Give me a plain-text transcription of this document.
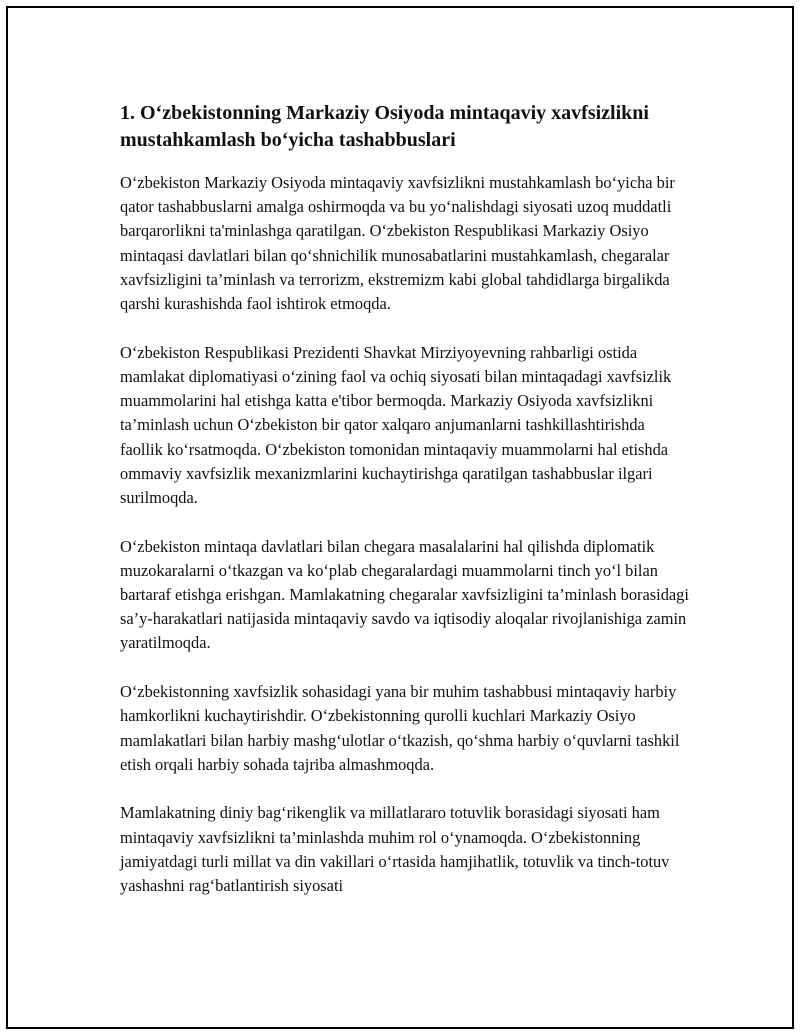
1. O‘zbekistonning Markaziy Osiyoda mintaqaviy xavfsizlikni mustahkamlash bo‘yicha tashabbuslari

O‘zbekiston Markaziy Osiyoda mintaqaviy xavfsizlikni mustahkamlash bo‘yicha bir qator tashabbuslarni amalga oshirmoqda va bu yo‘nalishdagi siyosati uzoq muddatli barqarorlikni ta'minlashga qaratilgan. O‘zbekiston Respublikasi Markaziy Osiyo mintaqasi davlatlari bilan qo‘shnichilik munosabatlarini mustahkamlash, chegaralar xavfsizligini ta’minlash va terrorizm, ekstremizm kabi global tahdidlarga birgalikda qarshi kurashishda faol ishtirok etmoqda.

O‘zbekiston Respublikasi Prezidenti Shavkat Mirziyoyevning rahbarligi ostida mamlakat diplomatiyasi o‘zining faol va ochiq siyosati bilan mintaqadagi xavfsizlik muammolarini hal etishga katta e'tibor bermoqda. Markaziy Osiyoda xavfsizlikni ta’minlash uchun O‘zbekiston bir qator xalqaro anjumanlarni tashkillashtirishda faollik ko‘rsatmoqda. O‘zbekiston tomonidan mintaqaviy muammolarni hal etishda ommaviy xavfsizlik mexanizmlarini kuchaytirishga qaratilgan tashabbuslar ilgari surilmoqda.

O‘zbekiston mintaqa davlatlari bilan chegara masalalarini hal qilishda diplomatik muzokaralarni o‘tkazgan va ko‘plab chegaralardagi muammolarni tinch yo‘l bilan bartaraf etishga erishgan. Mamlakatning chegaralar xavfsizligini ta’minlash borasidagi sa’y-harakatlari natijasida mintaqaviy savdo va iqtisodiy aloqalar rivojlanishiga zamin yaratilmoqda.

O‘zbekistonning xavfsizlik sohasidagi yana bir muhim tashabbusi mintaqaviy harbiy hamkorlikni kuchaytirishdir. O‘zbekistonning qurolli kuchlari Markaziy Osiyo mamlakatlari bilan harbiy mashg‘ulotlar o‘tkazish, qo‘shma harbiy o‘quvlarni tashkil etish orqali harbiy sohada tajriba almashmoqda.

Mamlakatning diniy bag‘rikenglik va millatlararo totuvlik borasidagi siyosati ham mintaqaviy xavfsizlikni ta’minlashda muhim rol o‘ynamoqda. O‘zbekistonning jamiyatdagi turli millat va din vakillari o‘rtasida hamjihatlik, totuvlik va tinch-totuv yashashni rag‘batlantirish siyosati
